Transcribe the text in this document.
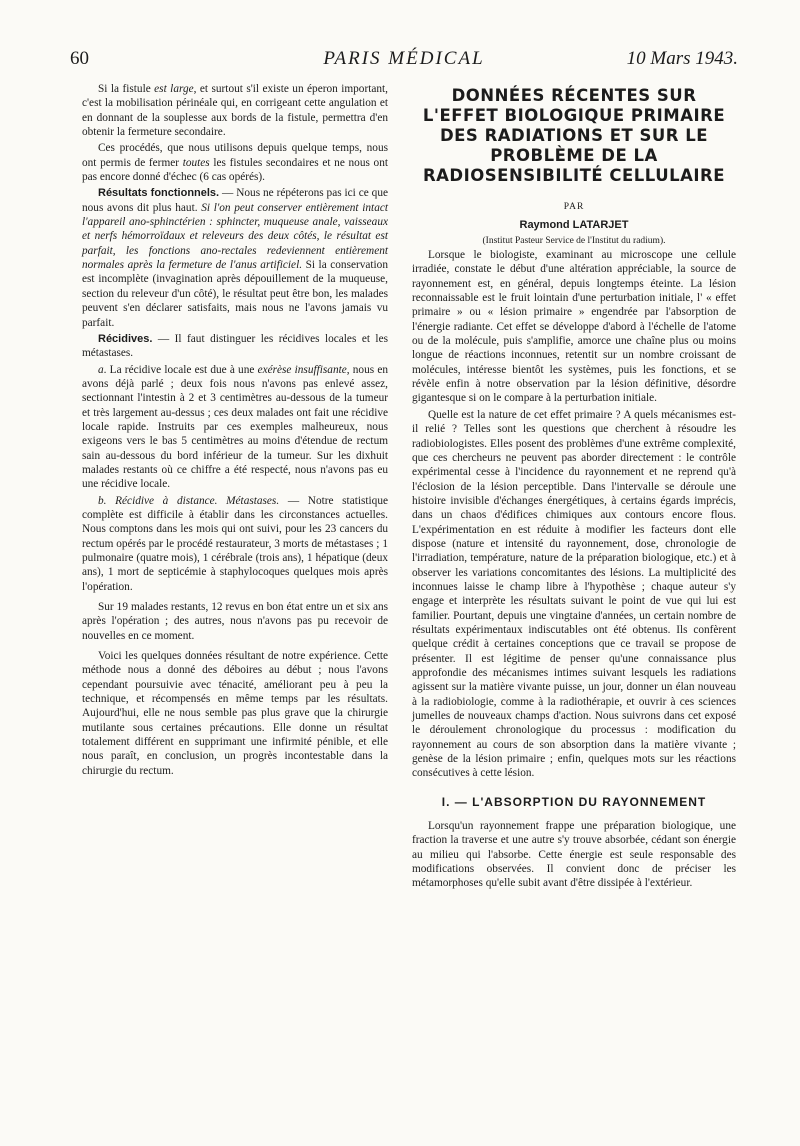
60	PARIS MÉDICAL	10 Mars 1943.

Si la fistule est large, et surtout s'il existe un éperon important, c'est la mobilisation périnéale qui, en corrigeant cette angulation et en donnant de la souplesse aux bords de la fistule, permettra d'en obtenir la fermeture secondaire.

Ces procédés, que nous utilisons depuis quelque temps, nous ont permis de fermer toutes les fistules secondaires et ne nous ont pas encore donné d'échec (6 cas opérés).

Résultats fonctionnels. — Nous ne répéterons pas ici ce que nous avons dit plus haut. Si l'on peut conserver entièrement intact l'appareil ano-sphinctérien : sphincter, muqueuse anale, vaisseaux et nerfs hémorroïdaux et releveurs des deux côtés, le résultat est parfait, les fonctions ano-rectales redeviennent entièrement normales après la fermeture de l'anus artificiel. Si la conservation est incomplète (invagination après dépouillement de la muqueuse, section du releveur d'un côté), le résultat peut être bon, les malades peuvent s'en déclarer satisfaits, mais nous ne l'avons jamais vu parfait.

Récidives. — Il faut distinguer les récidives locales et les métastases.

a. La récidive locale est due à une exérèse insuffisante, nous en avons déjà parlé ; deux fois nous n'avons pas enlevé assez, sectionnant l'intestin à 2 et 3 centimètres au-dessous de la tumeur et très largement au-dessus ; ces deux malades ont fait une récidive locale rapide. Instruits par ces exemples malheureux, nous exigeons vers le bas 5 centimètres au moins d'étendue de rectum sain au-dessous du bord inférieur de la tumeur. Sur les dixhuit malades restants où ce chiffre a été respecté, nous n'avons pas eu une récidive locale.

b. Récidive à distance. Métastases. — Notre statistique complète est difficile à établir dans les circonstances actuelles. Nous comptons dans les mois qui ont suivi, pour les 23 cancers du rectum opérés par le procédé restaurateur, 3 morts de métastases ; 1 pulmonaire (quatre mois), 1 cérébrale (trois ans), 1 hépatique (deux ans), 1 mort de septicémie à staphylocoques quelques mois après l'opération.

Sur 19 malades restants, 12 revus en bon état entre un et six ans après l'opération ; des autres, nous n'avons pas pu recevoir de nouvelles en ce moment.

Voici les quelques données résultant de notre expérience. Cette méthode nous a donné des déboires au début ; nous l'avons cependant poursuivie avec ténacité, améliorant peu à peu la technique, et récompensés en même temps par les résultats. Aujourd'hui, elle ne nous semble pas plus grave que la chirurgie mutilante sous certaines précautions. Elle donne un résultat totalement différent en supprimant une infirmité pénible, et elle nous paraît, en conclusion, un progrès incontestable dans la chirurgie du rectum.

DONNÉES RÉCENTES SUR L'EFFET BIOLOGIQUE PRIMAIRE DES RADIATIONS ET SUR LE PROBLÈME DE LA RADIOSENSIBILITÉ CELLULAIRE
PAR
Raymond LATARJET
(Institut Pasteur Service de l'Institut du radium).

Lorsque le biologiste, examinant au microscope une cellule irradiée, constate le début d'une altération appréciable, la source de rayonnement est, en général, depuis longtemps éteinte. La lésion reconnaissable est le fruit lointain d'une perturbation initiale, l' « effet primaire » ou « lésion primaire » engendrée par l'absorption de l'énergie radiante. Cet effet se développe d'abord à l'échelle de l'atome ou de la molécule, puis s'amplifie, amorce une chaîne plus ou moins longue de réactions inconnues, retentit sur un nombre croissant de molécules, intéresse bientôt les systèmes, puis les fonctions, et se révèle enfin à notre observation par la lésion définitive, désordre gigantesque si on le compare à la perturbation initiale.

Quelle est la nature de cet effet primaire ? A quels mécanismes est-il relié ? Telles sont les questions que cherchent à résoudre les radiobiologistes. Elles posent des problèmes d'une extrême complexité, que ces chercheurs ne peuvent pas aborder directement : le contrôle expérimental cesse à l'incidence du rayonnement et ne reprend qu'à l'éclosion de la lésion perceptible. Dans l'intervalle se déroule une histoire invisible d'échanges énergétiques, à certains égards imprécis, dans un chaos d'édifices chimiques aux contours encore flous. L'expérimentation en est réduite à modifier les facteurs dont elle dispose (nature et intensité du rayonnement, dose, chronologie de l'irradiation, température, nature de la préparation biologique, etc.) et à observer les variations concomitantes des lésions. La multiplicité des inconnues laisse le champ libre à l'hypothèse ; chaque auteur s'y engage et interprète les résultats suivant le point de vue qui lui est familier. Pourtant, depuis une vingtaine d'années, un certain nombre de résultats expérimentaux indiscutables ont été obtenus. Ils confèrent quelque crédit à certaines conceptions que ce travail se propose de présenter. Il est légitime de penser qu'une connaissance plus approfondie des mécanismes intimes suivant lesquels les radiations agissent sur la matière vivante puisse, un jour, donner un élan nouveau à la radiobiologie, comme à la radiothérapie, et ouvrir à ces sciences jumelles de nouveaux champs d'action. Nous suivrons dans cet exposé le déroulement chronologique du processus : modification du rayonnement au cours de son absorption dans la matière vivante ; genèse de la lésion primaire ; enfin, quelques mots sur les réactions consécutives à cette lésion.

I. — L'ABSORPTION DU RAYONNEMENT

Lorsqu'un rayonnement frappe une préparation biologique, une fraction la traverse et une autre s'y trouve absorbée, cédant son énergie au milieu qui l'absorbe. Cette énergie est seule responsable des modifications observées. Il convient donc de préciser les métamorphoses qu'elle subit avant d'être dissipée à l'extérieur.
